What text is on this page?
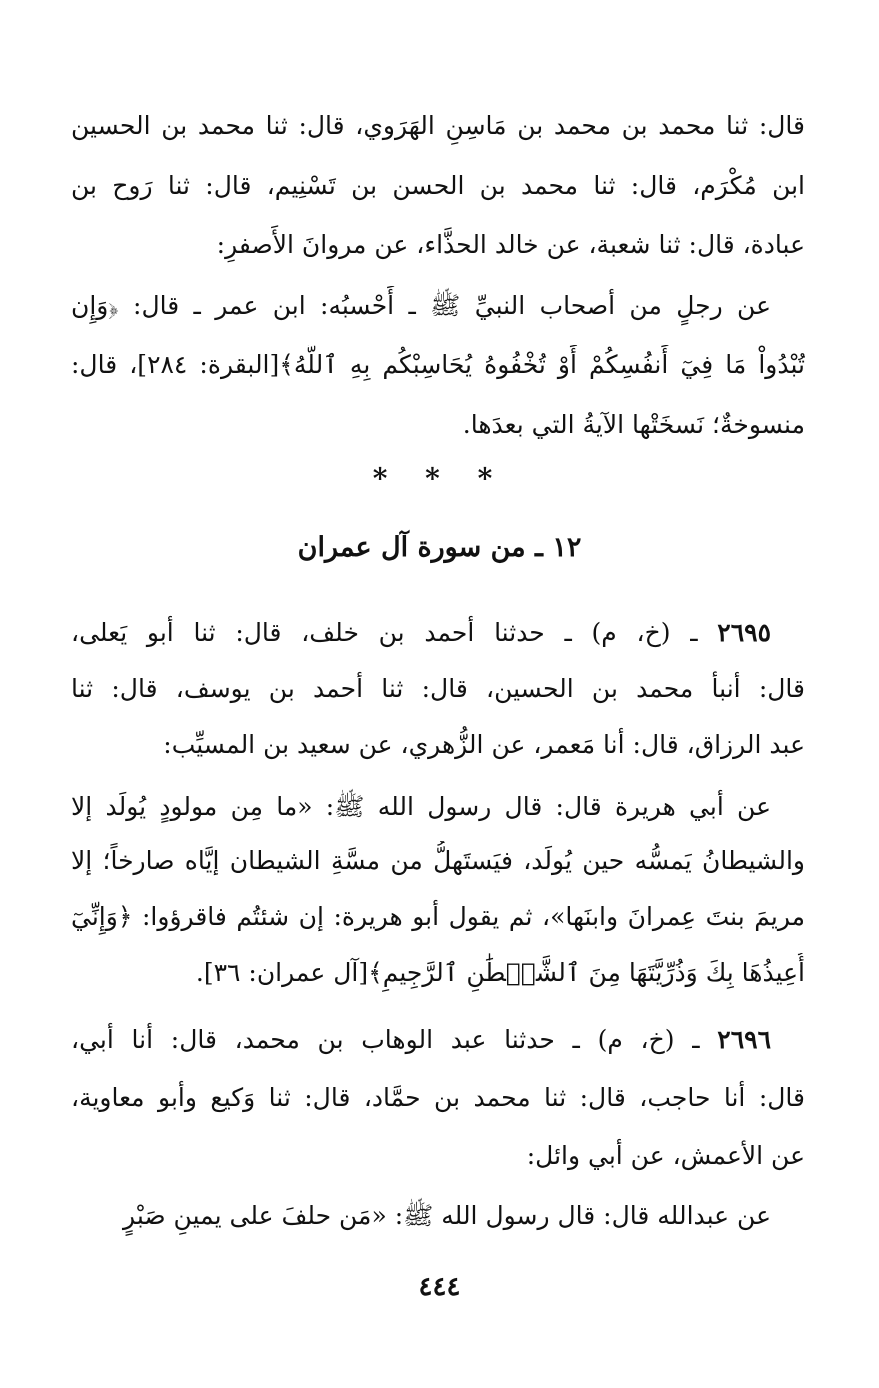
قال: ثنا محمد بن محمد بن مَاسِنِ الهَرَوي، قال: ثنا محمد بن الحسين
ابن مُكْرَم، قال: ثنا محمد بن الحسن بن تَسْنِيم، قال: ثنا رَوح بن
عبادة، قال: ثنا شعبة، عن خالد الحذَّاء، عن مروانَ الأَصفرِ:
عن رجلٍ من أصحاب النبيِّ ﷺ ـ أَحْسبُه: ابن عمر ـ قال: ﴿وَإِن
تُبْدُواْ مَا فِيٓ أَنفُسِكُمْ أَوْ تُخْفُوهُ يُحَاسِبْكُم بِهِ ٱللَّهُ﴾[البقرة: ٢٨٤]، قال:
منسوخةٌ؛ نَسخَتْها الآيةُ التي بعدَها.
* * *
١٢ ـ من سورة آل عمران
٢٦٩٥ ـ (خ، م) ـ حدثنا أحمد بن خلف، قال: ثنا أبو يَعلى،
قال: أنبأ محمد بن الحسين، قال: ثنا أحمد بن يوسف، قال: ثنا
عبد الرزاق، قال: أنا مَعمر، عن الزُّهري، عن سعيد بن المسيِّب:
عن أبي هريرة قال: قال رسول الله ﷺ: «ما مِن مولودٍ يُولَد إلا
والشيطانُ يَمسُّه حين يُولَد، فيَستَهلُّ من مسَّةِ الشيطان إيَّاه صارخاً؛ إلا
مريمَ بنتَ عِمرانَ وابنَها»، ثم يقول أبو هريرة: إن شئتُم فاقرؤوا: ﴿وَإِنِّيٓ
أُعِيذُهَا بِكَ وَذُرِّيَّتَهَا مِنَ ٱلشَّيۡطَٰنِ ٱلرَّجِيمِ﴾[آل عمران: ٣٦].
٢٦٩٦ ـ (خ، م) ـ حدثنا عبد الوهاب بن محمد، قال: أنا أبي،
قال: أنا حاجب، قال: ثنا محمد بن حمَّاد، قال: ثنا وَكيع وأبو معاوية،
عن الأعمش، عن أبي وائل:
عن عبدالله قال: قال رسول الله ﷺ: «مَن حلفَ على يمينِ صَبْرٍ
٤٤٤
